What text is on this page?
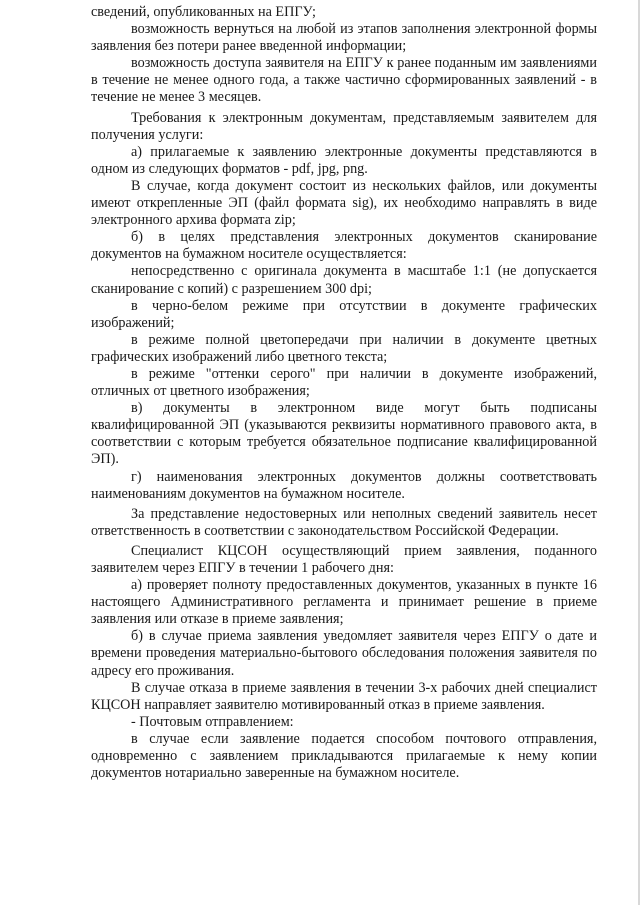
сведений, опубликованных на ЕПГУ;

возможность вернуться на любой из этапов заполнения электронной формы заявления без потери ранее введенной информации;

возможность доступа заявителя на ЕПГУ к ранее поданным им заявлениями в течение не менее одного года, а также частично сформированных заявлений - в течение не менее 3 месяцев.

Требования к электронным документам, представляемым заявителем для получения услуги:

а) прилагаемые к заявлению электронные документы представляются в одном из следующих форматов - pdf, jpg, png.

В случае, когда документ состоит из нескольких файлов, или документы имеют открепленные ЭП (файл формата sig), их необходимо направлять в виде электронного архива формата zip;

б) в целях представления электронных документов сканирование документов на бумажном носителе осуществляется:

непосредственно с оригинала документа в масштабе 1:1 (не допускается сканирование с копий) с разрешением 300 dpi;

в черно-белом режиме при отсутствии в документе графических изображений;

в режиме полной цветопередачи при наличии в документе цветных графических изображений либо цветного текста;

в режиме "оттенки серого" при наличии в документе изображений, отличных от цветного изображения;

в) документы в электронном виде могут быть подписаны квалифицированной ЭП (указываются реквизиты нормативного правового акта, в соответствии с которым требуется обязательное подписание квалифицированной ЭП).

г) наименования электронных документов должны соответствовать наименованиям документов на бумажном носителе.

За представление недостоверных или неполных сведений заявитель несет ответственность в соответствии с законодательством Российской Федерации.

Специалист КЦСОН осуществляющий прием заявления, поданного заявителем через ЕПГУ в течении 1 рабочего дня:

а) проверяет полноту предоставленных документов, указанных в пункте 16 настоящего Административного регламента и принимает решение в приеме заявления или отказе в приеме заявления;

б) в случае приема заявления уведомляет заявителя через ЕПГУ о дате и времени проведения материально-бытового обследования положения заявителя по адресу его проживания.

В случае отказа в приеме заявления в течении 3-х рабочих дней специалист КЦСОН направляет заявителю мотивированный отказ в приеме заявления.

- Почтовым отправлением:

в случае если заявление подается способом почтового отправления, одновременно с заявлением прикладываются прилагаемые к нему копии документов нотариально заверенные на бумажном носителе.
